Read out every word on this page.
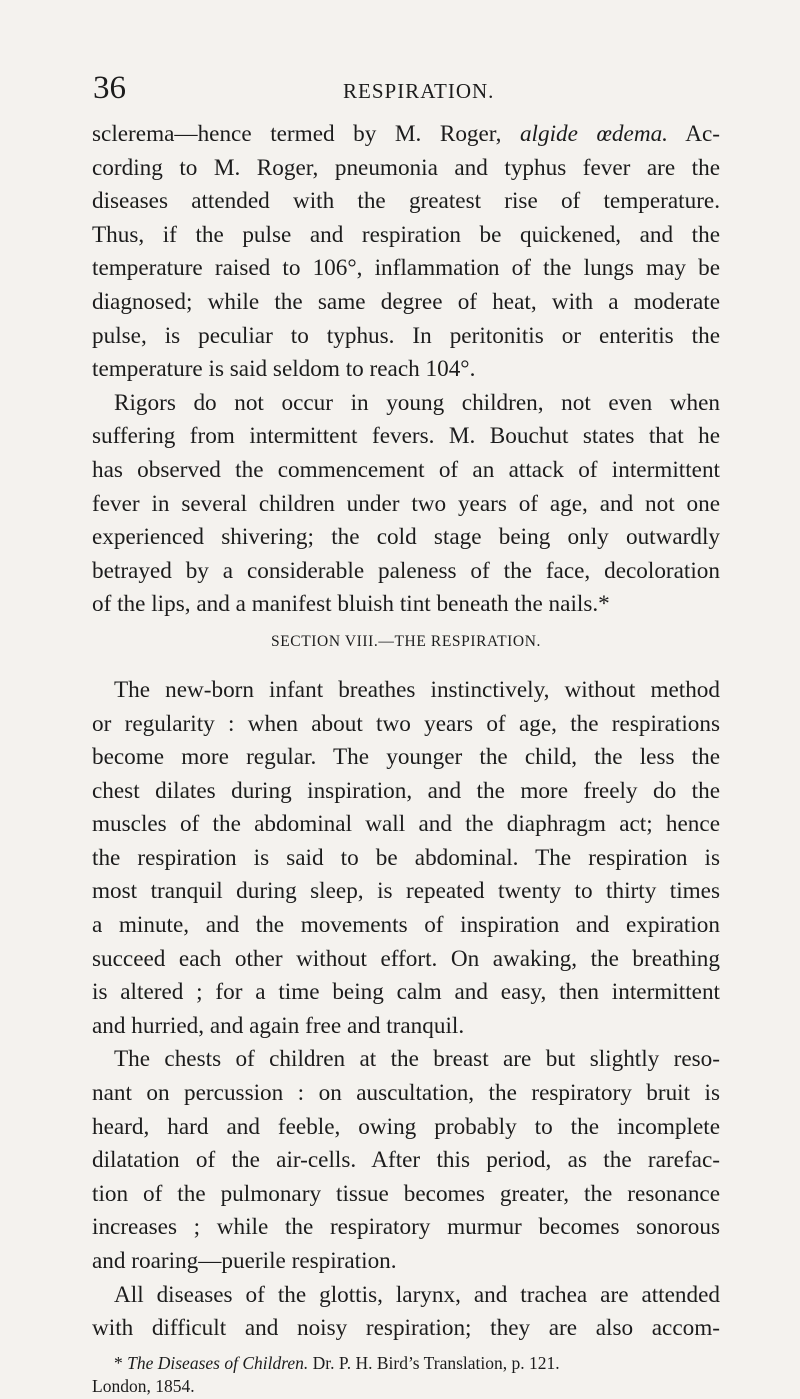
36	RESPIRATION.
sclerema—hence termed by M. Roger, algide œdema. Ac-
cording to M. Roger, pneumonia and typhus fever are the
diseases attended with the greatest rise of temperature.
Thus, if the pulse and respiration be quickened, and the
temperature raised to 106°, inflammation of the lungs may be
diagnosed; while the same degree of heat, with a moderate
pulse, is peculiar to typhus. In peritonitis or enteritis the
temperature is said seldom to reach 104°.
Rigors do not occur in young children, not even when
suffering from intermittent fevers. M. Bouchut states that he
has observed the commencement of an attack of intermittent
fever in several children under two years of age, and not one
experienced shivering; the cold stage being only outwardly
betrayed by a considerable paleness of the face, decoloration
of the lips, and a manifest bluish tint beneath the nails.*
SECTION VIII.—THE RESPIRATION.
The new-born infant breathes instinctively, without method
or regularity : when about two years of age, the respirations
become more regular. The younger the child, the less the
chest dilates during inspiration, and the more freely do the
muscles of the abdominal wall and the diaphragm act; hence
the respiration is said to be abdominal. The respiration is
most tranquil during sleep, is repeated twenty to thirty times
a minute, and the movements of inspiration and expiration
succeed each other without effort. On awaking, the breathing
is altered ; for a time being calm and easy, then intermittent
and hurried, and again free and tranquil.
The chests of children at the breast are but slightly reso-
nant on percussion : on auscultation, the respiratory bruit is
heard, hard and feeble, owing probably to the incomplete
dilatation of the air-cells. After this period, as the rarefac-
tion of the pulmonary tissue becomes greater, the resonance
increases ; while the respiratory murmur becomes sonorous
and roaring—puerile respiration.
All diseases of the glottis, larynx, and trachea are attended
with difficult and noisy respiration; they are also accom-
* The Diseases of Children. Dr. P. H. Bird’s Translation, p. 121.
London, 1854.
